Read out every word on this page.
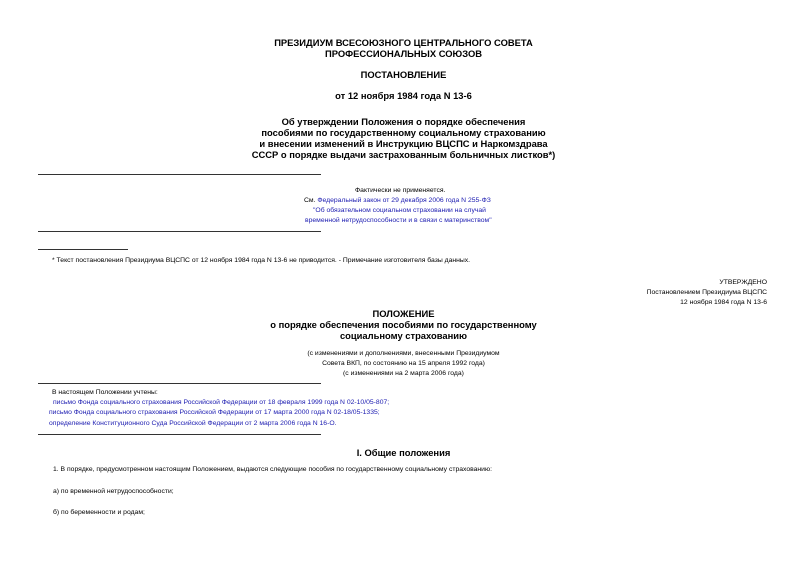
ПРЕЗИДИУМ ВСЕСОЮЗНОГО ЦЕНТРАЛЬНОГО СОВЕТА
ПРОФЕССИОНАЛЬНЫХ СОЮЗОВ
ПОСТАНОВЛЕНИЕ
от 12 ноября 1984 года N 13-6
Об утверждении Положения о порядке обеспечения
пособиями по государственному социальному страхованию
и внесении изменений в Инструкцию ВЦСПС и Наркомздрава
СССР о порядке выдачи застрахованным больничных листков*)
Фактически не применяется.
См. Федеральный закон от 29 декабря 2006 года N 255-ФЗ
"Об обязательном социальном страховании на случай
временной нетрудоспособности и в связи с материнством"
* Текст постановления Президиума ВЦСПС от 12 ноября 1984 года N 13-6 не приводится. - Примечание изготовителя базы данных.
УТВЕРЖДЕНО
Постановлением Президиума ВЦСПС
12 ноября 1984 года N 13-6
ПОЛОЖЕНИЕ
о порядке обеспечения пособиями по государственному
социальному страхованию
(с изменениями и дополнениями, внесенными Президиумом
Совета ВКП, по состоянию на 15 апреля 1992 года)
(с изменениями на 2 марта 2006 года)
В настоящем Положении учтены:
письмо Фонда социального страхования Российской Федерации от 18 февраля 1999 года N 02-10/05-807;
письмо Фонда социального страхования Российской Федерации от 17 марта 2000 года N 02-18/05-1335;
определение Конституционного Суда Российской Федерации от 2 марта 2006 года N 16-О.
I. Общие положения
1. В порядке, предусмотренном настоящим Положением, выдаются следующие пособия по государственному социальному страхованию:
а) по временной нетрудоспособности;
б) по беременности и родам;
